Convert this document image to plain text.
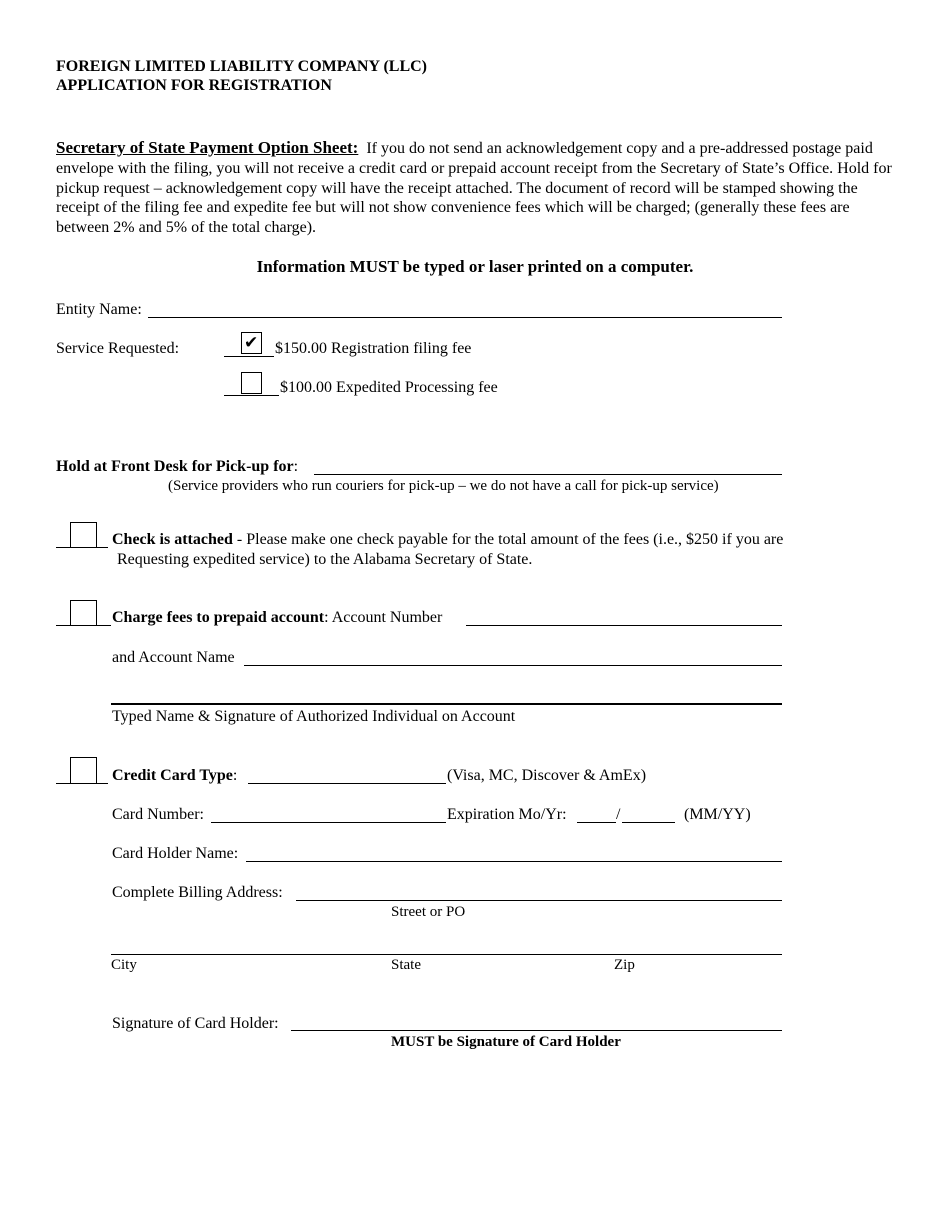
FOREIGN LIMITED LIABILITY COMPANY (LLC)
APPLICATION FOR REGISTRATION
Secretary of State Payment Option Sheet: If you do not send an acknowledgement copy and a pre-addressed postage paid envelope with the filing, you will not receive a credit card or prepaid account receipt from the Secretary of State’s Office. Hold for pickup request – acknowledgement copy will have the receipt attached. The document of record will be stamped showing the receipt of the filing fee and expedite fee but will not show convenience fees which will be charged; (generally these fees are between 2% and 5% of the total charge).
Information MUST be typed or laser printed on a computer.
Entity Name:
Service Requested:	✔ $150.00 Registration filing fee
$100.00 Expedited Processing fee
Hold at Front Desk for Pick-up for:
(Service providers who run couriers for pick-up – we do not have a call for pick-up service)
Check is attached - Please make one check payable for the total amount of the fees (i.e., $250 if you are
Requesting expedited service) to the Alabama Secretary of State.
Charge fees to prepaid account: Account Number
and Account Name
Typed Name & Signature of Authorized Individual on Account
Credit Card Type:	(Visa, MC, Discover & AmEx)
Card Number:	Expiration Mo/Yr:	/	(MM/YY)
Card Holder Name:
Complete Billing Address:
Street or PO
City	State	Zip
Signature of Card Holder:
MUST be Signature of Card Holder
